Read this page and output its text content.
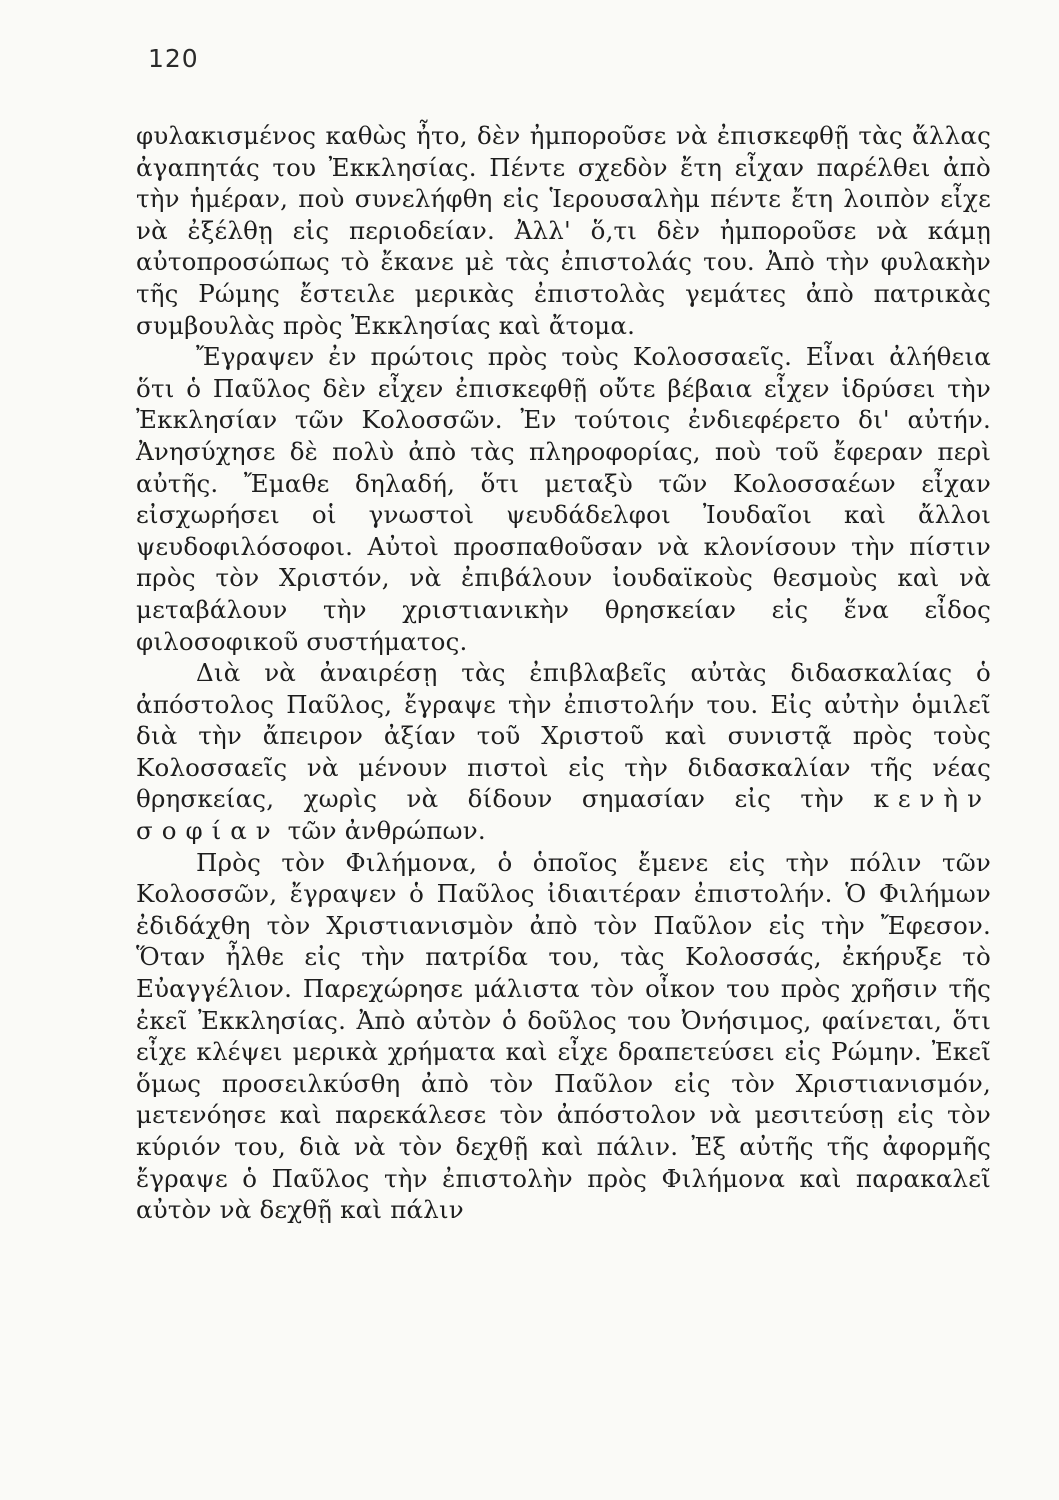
120

φυλακισμένος καθὼς ἦτο, δὲν ἠμποροῦσε νὰ ἐπισκεφθῇ τὰς ἄλλας ἀγαπητάς του Ἐκκλησίας. Πέντε σχεδὸν ἔτη εἶχαν παρέλθει ἀπὸ τὴν ἡμέραν, ποὺ συνελήφθη εἰς Ἱερουσαλὴμ πέντε ἔτη λοιπὸν εἶχε νὰ ἐξέλθῃ εἰς περιοδείαν. Ἀλλ' ὅ,τι δὲν ἠμποροῦσε νὰ κάμῃ αὐτοπροσώπως τὸ ἔκανε μὲ τὰς ἐπιστολάς του. Ἀπὸ τὴν φυλακὴν τῆς Ρώμης ἔστειλε μερικὰς ἐπιστολὰς γεμάτες ἀπὸ πατρικὰς συμβουλὰς πρὸς Ἐκκλησίας καὶ ἄτομα.

Ἔγραψεν ἐν πρώτοις πρὸς τοὺς Κολοσσαεῖς. Εἶναι ἀλήθεια ὅτι ὁ Παῦλος δὲν εἶχεν ἐπισκεφθῇ οὔτε βέβαια εἶχεν ἱδρύσει τὴν Ἐκκλησίαν τῶν Κολοσσῶν. Ἐν τούτοις ἐνδιεφέρετο δι' αὐτήν. Ἀνησύχησε δὲ πολὺ ἀπὸ τὰς πληροφορίας, ποὺ τοῦ ἔφεραν περὶ αὐτῆς. Ἔμαθε δηλαδή, ὅτι μεταξὺ τῶν Κολοσσαέων εἶχαν εἰσχωρήσει οἱ γνωστοὶ ψευδάδελφοι Ἰουδαῖοι καὶ ἄλλοι ψευδοφιλόσοφοι. Αὐτοὶ προσπαθοῦσαν νὰ κλονίσουν τὴν πίστιν πρὸς τὸν Χριστόν, νὰ ἐπιβάλουν ἰουδαϊκοὺς θεσμοὺς καὶ νὰ μεταβάλουν τὴν χριστιανικὴν θρησκείαν εἰς ἕνα εἶδος φιλοσοφικοῦ συστήματος.

Διὰ νὰ ἀναιρέσῃ τὰς ἐπιβλαβεῖς αὐτὰς διδασκαλίας ὁ ἀπόστολος Παῦλος, ἔγραψε τὴν ἐπιστολήν του. Εἰς αὐτὴν ὁμιλεῖ διὰ τὴν ἄπειρον ἀξίαν τοῦ Χριστοῦ καὶ συνιστᾷ πρὸς τοὺς Κολοσσαεῖς νὰ μένουν πιστοὶ εἰς τὴν διδασκαλίαν τῆς νέας θρησκείας, χωρὶς νὰ δίδουν σημασίαν εἰς τὴν κενὴν σοφίαν τῶν ἀνθρώπων.

Πρὸς τὸν Φιλήμονα, ὁ ὁποῖος ἔμενε εἰς τὴν πόλιν τῶν Κολοσσῶν, ἔγραψεν ὁ Παῦλος ἰδιαιτέραν ἐπιστολήν. Ὁ Φιλήμων ἐδιδάχθη τὸν Χριστιανισμὸν ἀπὸ τὸν Παῦλον εἰς τὴν Ἔφεσον. Ὅταν ἦλθε εἰς τὴν πατρίδα του, τὰς Κολοσσάς, ἐκήρυξε τὸ Εὐαγγέλιον. Παρεχώρησε μάλιστα τὸν οἶκον του πρὸς χρῆσιν τῆς ἐκεῖ Ἐκκλησίας. Ἀπὸ αὐτὸν ὁ δοῦλος του Ὀνήσιμος, φαίνεται, ὅτι εἶχε κλέψει μερικὰ χρήματα καὶ εἶχε δραπετεύσει εἰς Ρώμην. Ἐκεῖ ὅμως προσειλκύσθη ἀπὸ τὸν Παῦλον εἰς τὸν Χριστιανισμόν, μετενόησε καὶ παρεκάλεσε τὸν ἀπόστολον νὰ μεσιτεύσῃ εἰς τὸν κύριόν του, διὰ νὰ τὸν δεχθῇ καὶ πάλιν. Ἐξ αὐτῆς τῆς ἀφορμῆς ἔγραψε ὁ Παῦλος τὴν ἐπιστολὴν πρὸς Φιλήμονα καὶ παρακαλεῖ αὐτὸν νὰ δεχθῇ καὶ πάλιν
